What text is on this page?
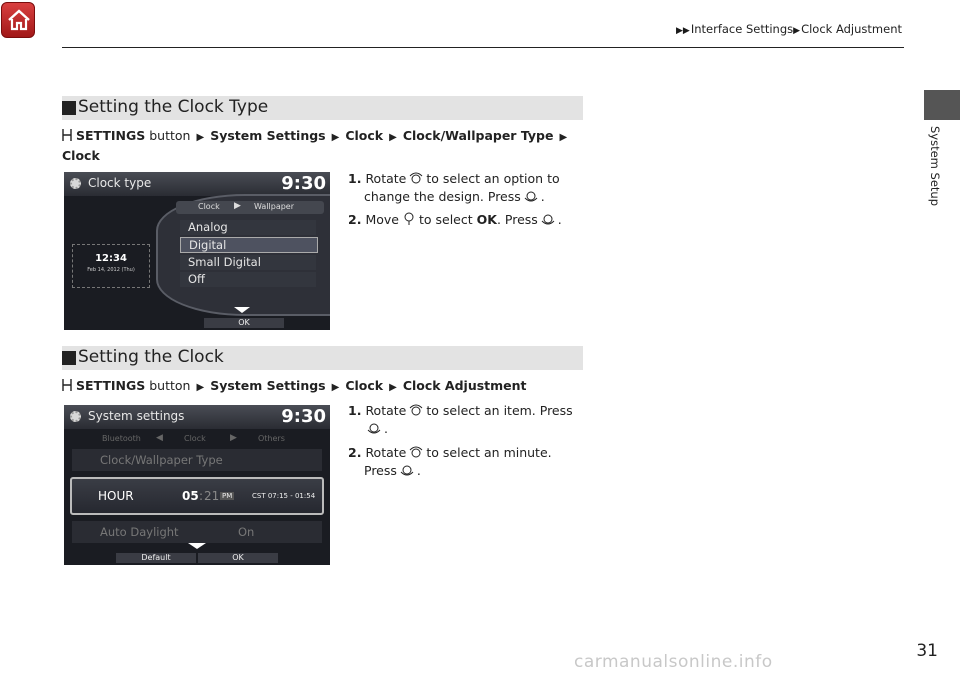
▶▶Interface Settings▶Clock Adjustment
System Setup
Setting the Clock Type
SETTINGS button ▶ System Settings ▶ Clock ▶ Clock/Wallpaper Type ▶
Clock
1. Rotate to select an option to
change the design. Press .
2. Move to select OK. Press .
Clock type	9:30
12:34
Feb 14, 2012 (Thu)
Clock ▶ Wallpaper
Analog
Digital
Small Digital
Off
OK
Setting the Clock
SETTINGS button ▶ System Settings ▶ Clock ▶ Clock Adjustment
1. Rotate to select an item. Press
.
2. Rotate to select an minute.
Press .
System settings	9:30
Bluetooth ◀	Clock	▶	Others
Clock/Wallpaper Type
HOUR	05 : 21 PM	CST 07:15 - 01:54
Auto Daylight	On
Default	OK
31
carmanualsonline.info
